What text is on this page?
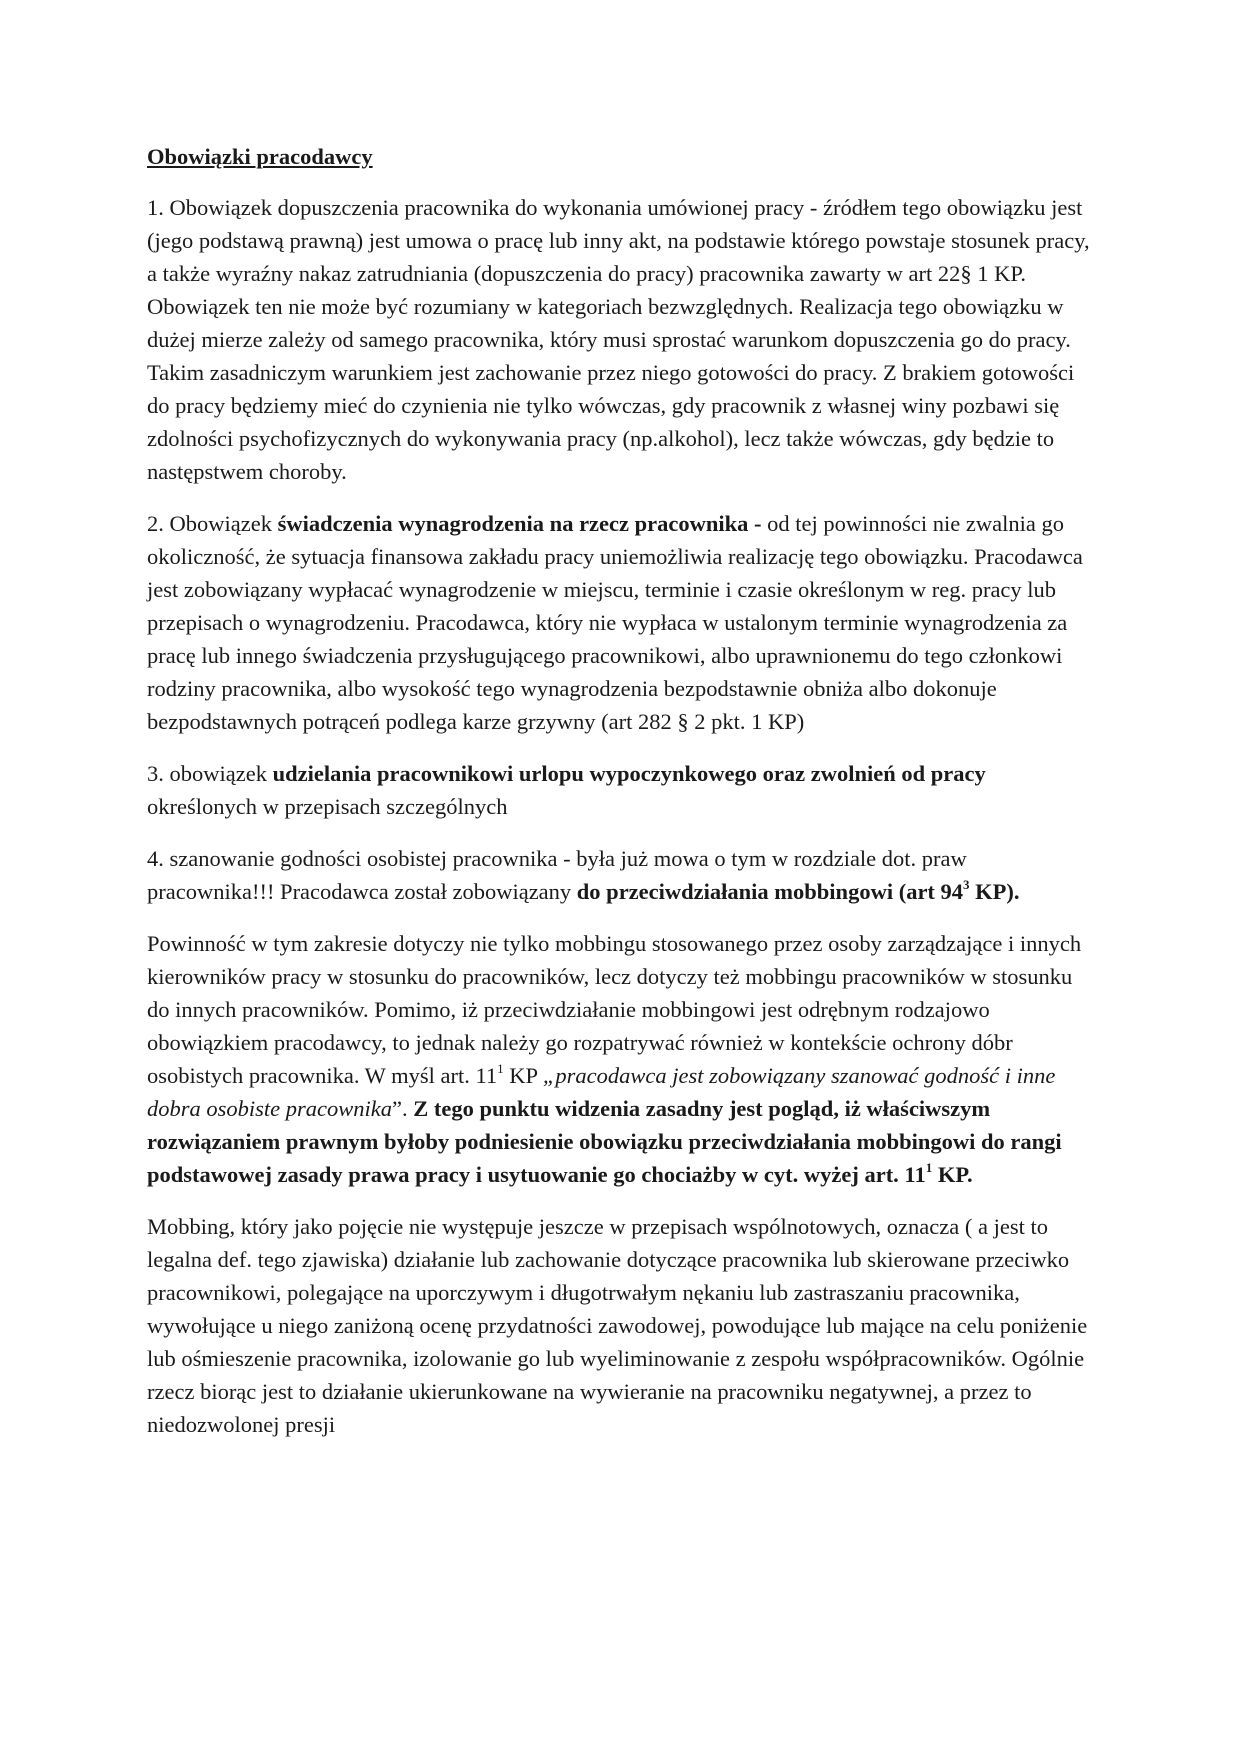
Obowiązki pracodawcy

1. Obowiązek dopuszczenia pracownika do wykonania umówionej pracy - źródłem tego obowiązku jest (jego podstawą prawną) jest umowa o pracę lub inny akt, na podstawie którego powstaje stosunek pracy, a także wyraźny nakaz zatrudniania (dopuszczenia do pracy) pracownika zawarty w art 22§ 1 KP. Obowiązek ten nie może być rozumiany w kategoriach bezwzględnych. Realizacja tego obowiązku w dużej mierze zależy od samego pracownika, który musi sprostać warunkom dopuszczenia go do pracy. Takim zasadniczym warunkiem jest zachowanie przez niego gotowości do pracy. Z brakiem gotowości do pracy będziemy mieć do czynienia nie tylko wówczas, gdy pracownik z własnej winy pozbawi się zdolności psychofizycznych do wykonywania pracy (np.alkohol), lecz także wówczas, gdy będzie to następstwem choroby.

2. Obowiązek świadczenia wynagrodzenia na rzecz pracownika - od tej powinności nie zwalnia go okoliczność, że sytuacja finansowa zakładu pracy uniemożliwia realizację tego obowiązku. Pracodawca jest zobowiązany wypłacać wynagrodzenie w miejscu, terminie i czasie określonym w reg. pracy lub przepisach o wynagrodzeniu. Pracodawca, który nie wypłaca w ustalonym terminie wynagrodzenia za pracę lub innego świadczenia przysługującego pracownikowi, albo uprawnionemu do tego członkowi rodziny pracownika, albo wysokość tego wynagrodzenia bezpodstawnie obniża albo dokonuje bezpodstawnych potrąceń podlega karze grzywny (art 282 § 2 pkt. 1 KP)

3. obowiązek udzielania pracownikowi urlopu wypoczynkowego oraz zwolnień od pracy określonych w przepisach szczególnych

4. szanowanie godności osobistej pracownika - była już mowa o tym w rozdziale dot. praw pracownika!!! Pracodawca został zobowiązany do przeciwdziałania mobbingowi (art $94^3$ KP).

Powinność w tym zakresie dotyczy nie tylko mobbingu stosowanego przez osoby zarządzające i innych kierowników pracy w stosunku do pracowników, lecz dotyczy też mobbingu pracowników w stosunku do innych pracowników. Pomimo, iż przeciwdziałanie mobbingowi jest odrębnym rodzajowo obowiązkiem pracodawcy, to jednak należy go rozpatrywać również w kontekście ochrony dóbr osobistych pracownika. W myśl art. $11^1$ KP „pracodawca jest zobowiązany szanować godność i inne dobra osobiste pracownika”. Z tego punktu widzenia zasadny jest pogląd, iż właściwszym rozwiązaniem prawnym byłoby podniesienie obowiązku przeciwdziałania mobbingowi do rangi podstawowej zasady prawa pracy i usytuowanie go chociażby w cyt. wyżej art. $11^1$ KP.

Mobbing, który jako pojęcie nie występuje jeszcze w przepisach wspólnotowych, oznacza ( a jest to legalna def. tego zjawiska) działanie lub zachowanie dotyczące pracownika lub skierowane przeciwko pracownikowi, polegające na uporczywym i długotrwałym nękaniu lub zastraszaniu pracownika, wywołujące u niego zaniżoną ocenę przydatności zawodowej, powodujące lub mające na celu poniżenie lub ośmieszenie pracownika, izolowanie go lub wyeliminowanie z zespołu współpracowników. Ogólnie rzecz biorąc jest to działanie ukierunkowane na wywieranie na pracowniku negatywnej, a przez to niedozwolonej presji
